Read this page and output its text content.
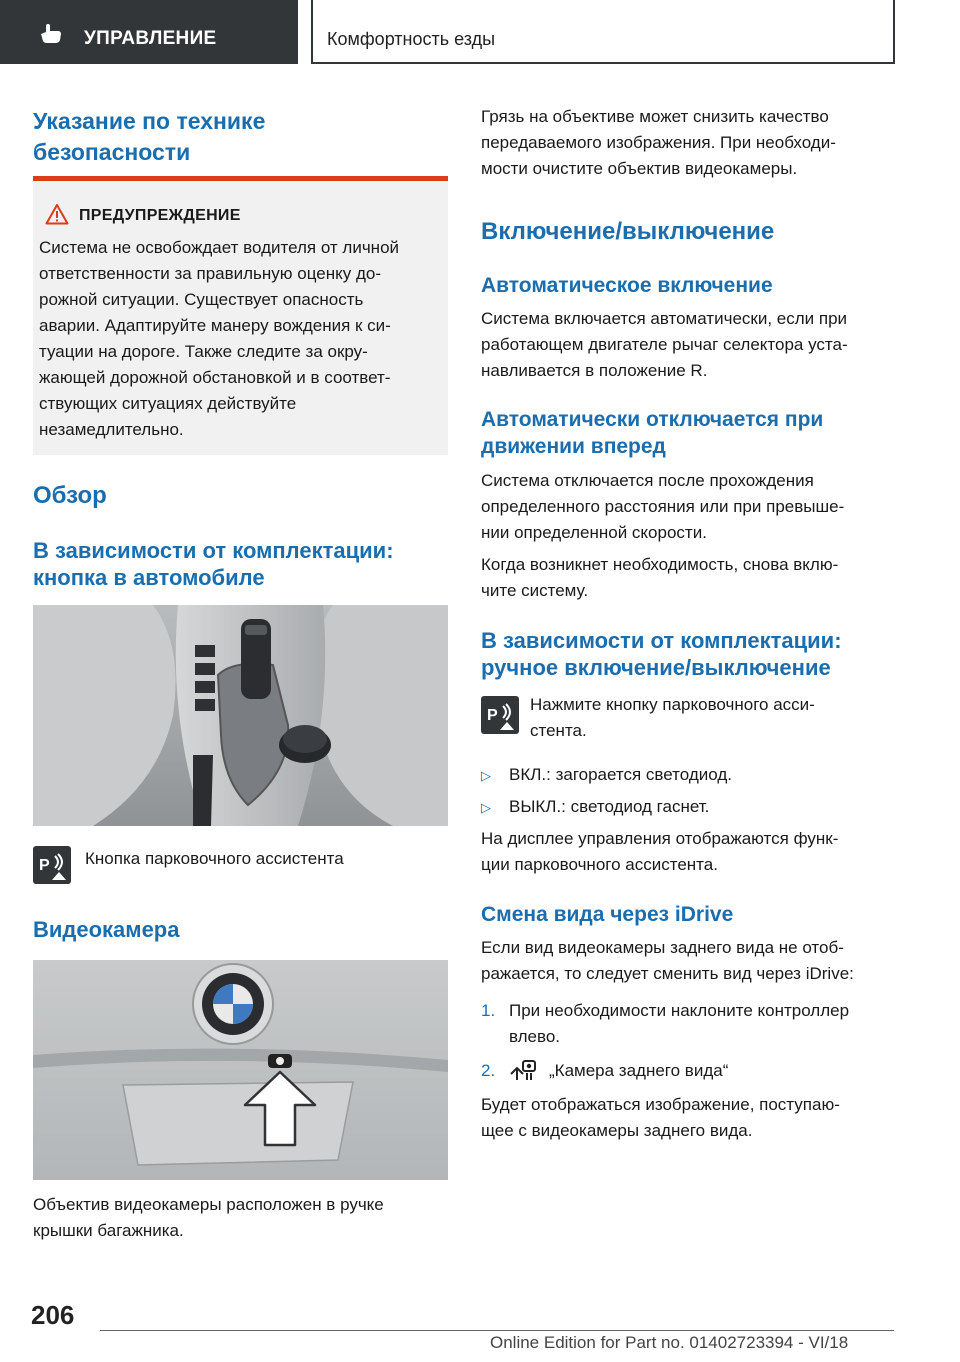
УПРАВЛЕНИЕ	Комфортность езды
Указание по технике
безопасности
ПРЕДУПРЕЖДЕНИЕ
Система не освобождает водителя от личной
ответственности за правильную оценку до-
рожной ситуации. Существует опасность
аварии. Адаптируйте манеру вождения к си-
туации на дороге. Также следите за окру-
жающей дорожной обстановкой и в соответ-
ствующих ситуациях действуйте
незамедлительно.
Обзор
В зависимости от комплектации:
кнопка в автомобиле
P Кнопка парковочного ассистента
Видеокамера
Объектив видеокамеры расположен в ручке
крышки багажника.
Грязь на объективе может снизить качество
передаваемого изображения. При необходи-
мости очистите объектив видеокамеры.
Включение/выключение
Автоматическое включение
Система включается автоматически, если при
работающем двигателе рычаг селектора уста-
навливается в положение R.
Автоматически отключается при
движении вперед
Система отключается после прохождения
определенного расстояния или при превыше-
нии определенной скорости.
Когда возникнет необходимость, снова вклю-
чите систему.
В зависимости от комплектации:
ручное включение/выключение
P
Нажмите кнопку парковочного асси-
стента.
▷ ВКЛ.: загорается светодиод.
▷ ВЫКЛ.: светодиод гаснет.
На дисплее управления отображаются функ-
ции парковочного ассистента.
Смена вида через iDrive
Если вид видеокамеры заднего вида не отоб-
ражается, то следует сменить вид через iDrive:
1. При необходимости наклоните контроллер
влево.
2.	„Камера заднего вида“
Будет отображаться изображение, поступаю-
щее с видеокамеры заднего вида.
206
Online Edition for Part no. 01402723394 - VI/18
